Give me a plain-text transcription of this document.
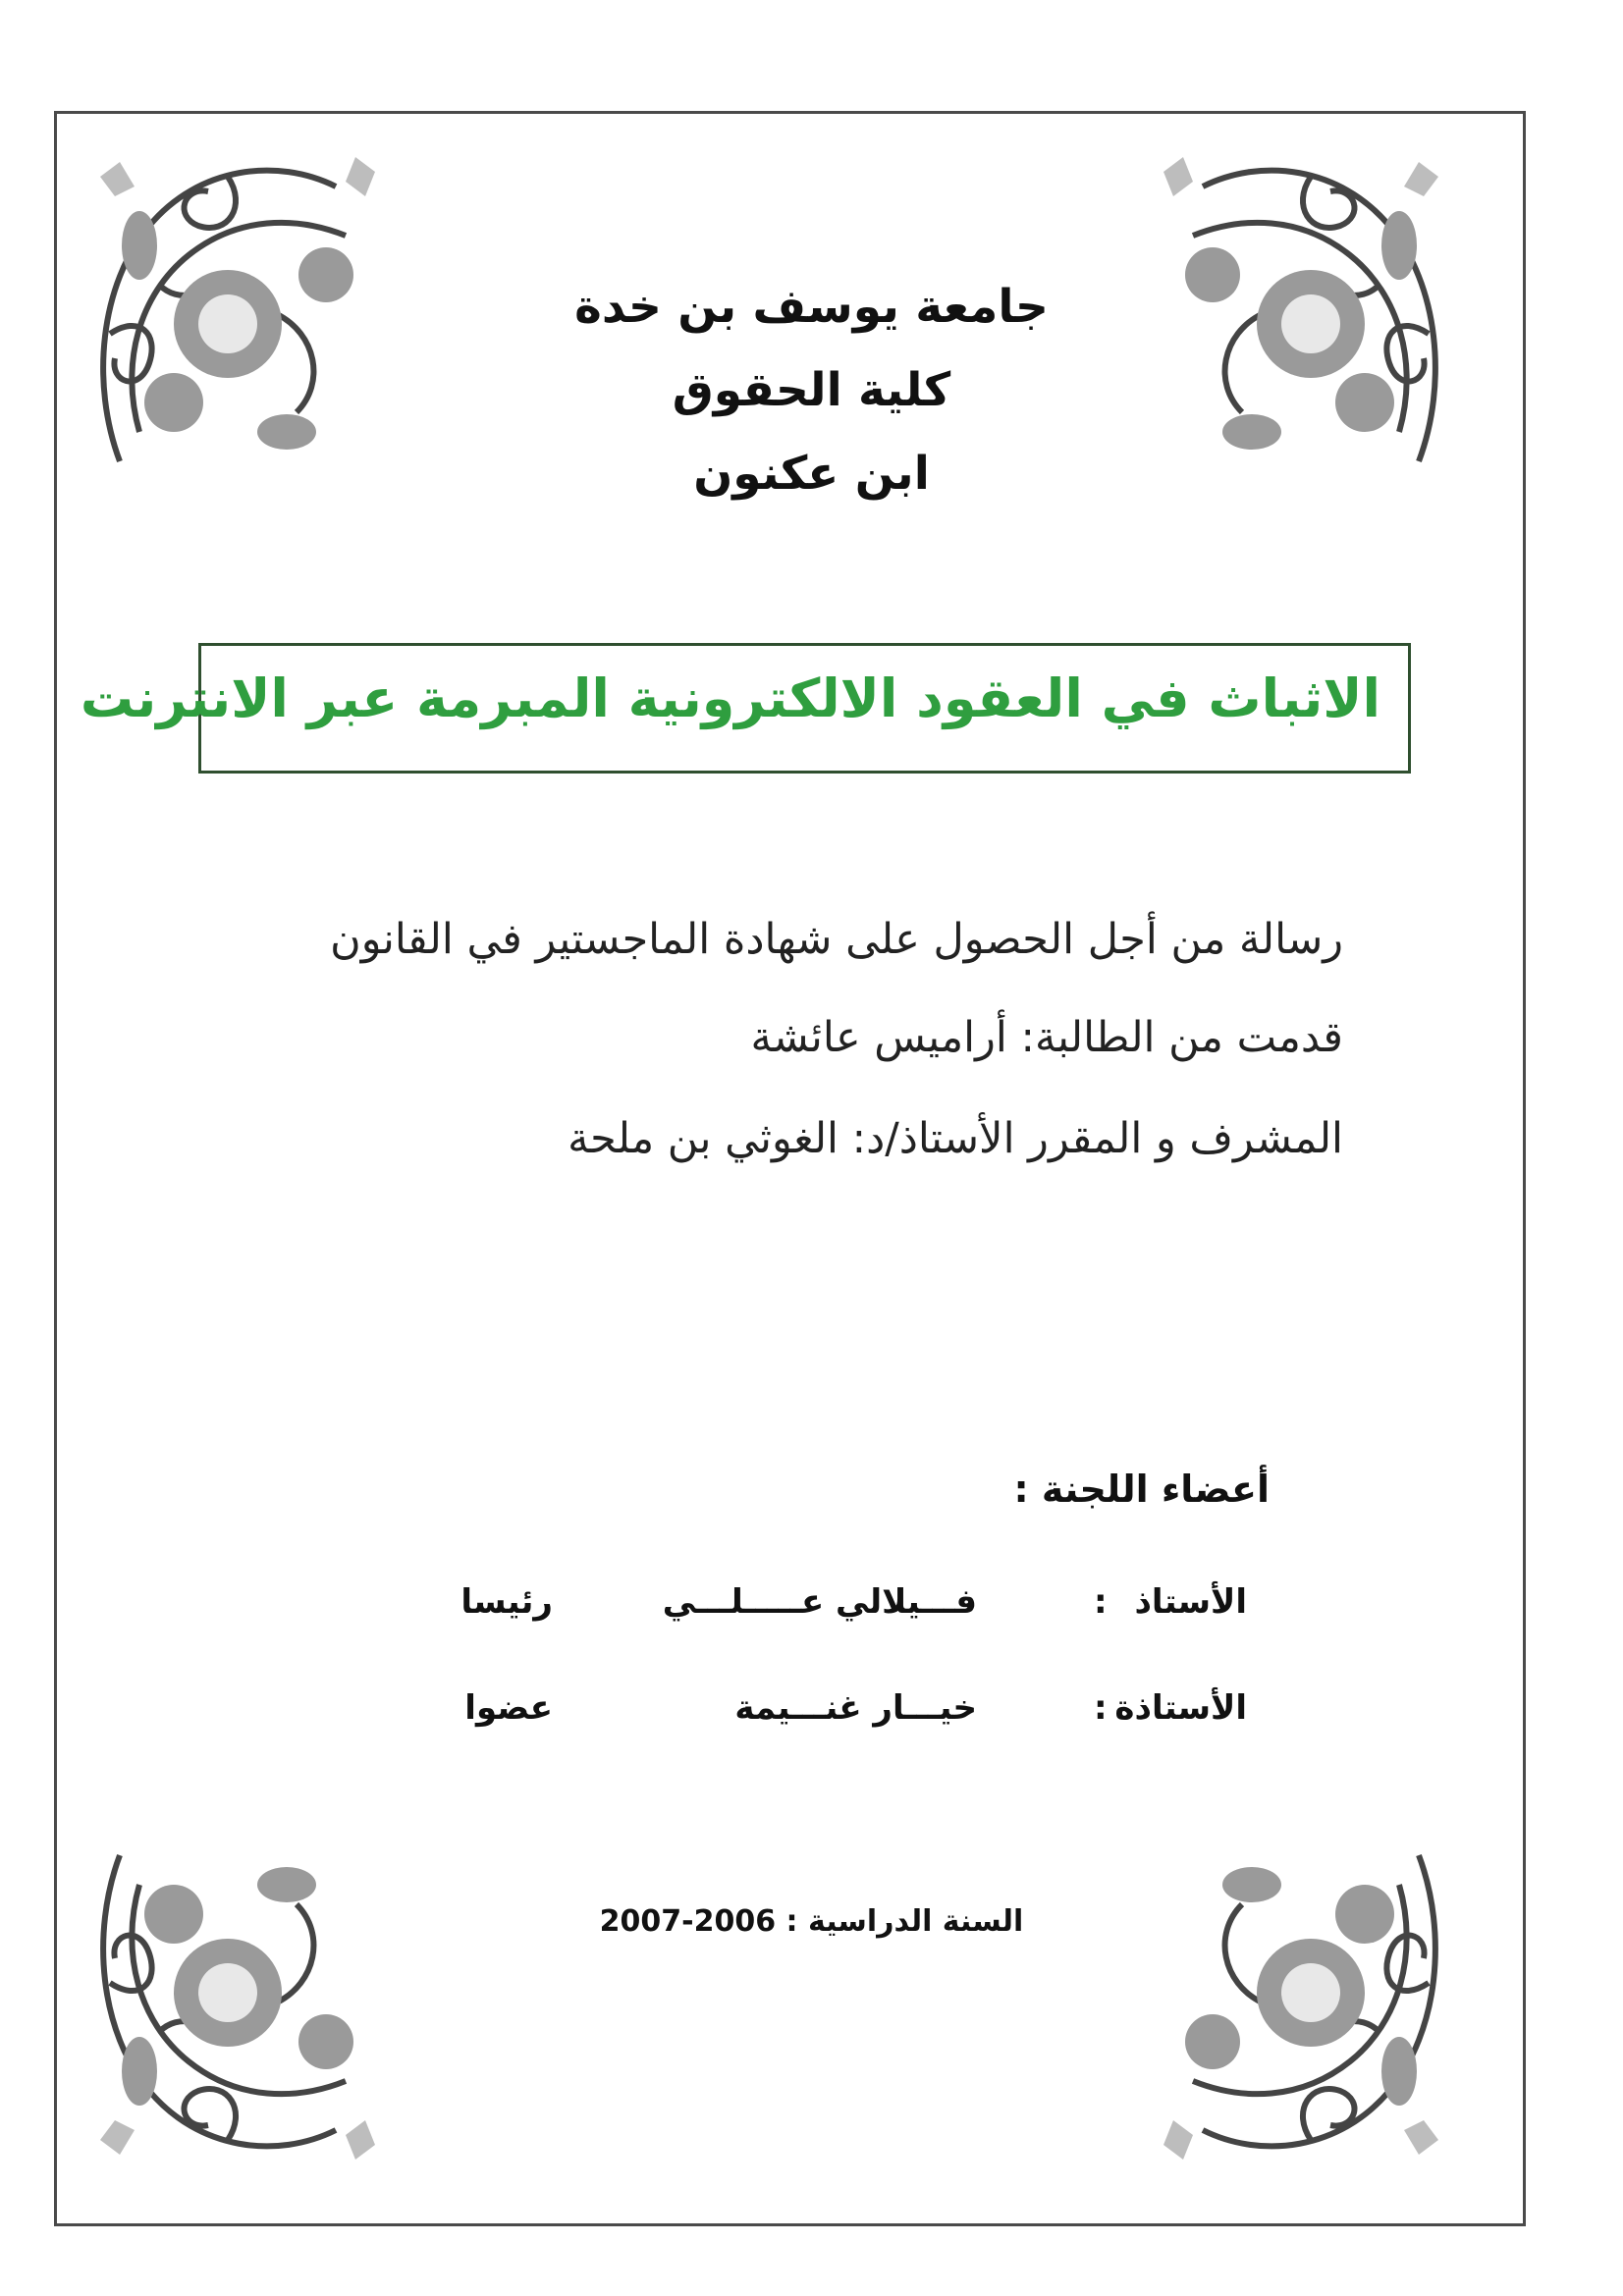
جامعة يوسف بن خدة
كلية الحقوق
ابن عكنون
الاثباث في العقود الالكترونية المبرمة عبر الانترنت
رسالة من أجل الحصول على شهادة الماجستير في القانون
قدمت من الطالبة: أراميس عائشة
المشرف و المقرر الأستاذ/د: الغوثي بن ملحة
أعضاء اللجنة :
الأستاذ
:
فـــيلالي عـــــلـــي
رئيسا
الأستاذة
:
خيـــار غنـــيمة
عضوا
السنة الدراسية : 2006-2007
